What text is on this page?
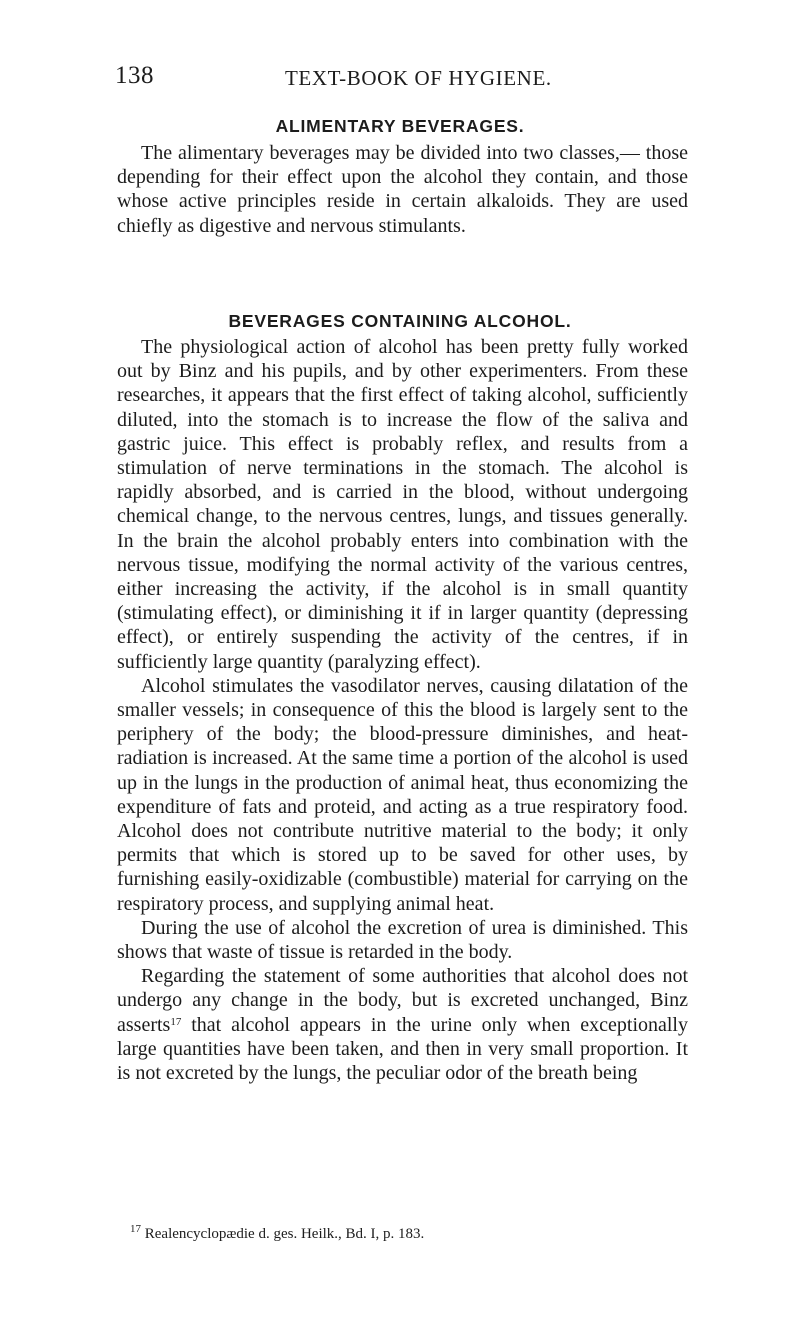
138	TEXT-BOOK OF HYGIENE.
ALIMENTARY BEVERAGES.

The alimentary beverages may be divided into two classes,— those depending for their effect upon the alcohol they contain, and those whose active principles reside in certain alkaloids. They are used chiefly as digestive and nervous stimulants.

BEVERAGES CONTAINING ALCOHOL.

The physiological action of alcohol has been pretty fully worked out by Binz and his pupils, and by other experimenters. From these researches, it appears that the first effect of taking alcohol, sufficiently diluted, into the stomach is to increase the flow of the saliva and gastric juice. This effect is probably reflex, and results from a stimulation of nerve terminations in the stomach. The alcohol is rapidly absorbed, and is carried in the blood, without undergoing chemical change, to the nervous centres, lungs, and tissues generally. In the brain the alcohol probably enters into combination with the nervous tissue, modifying the normal activity of the various centres, either increasing the activity, if the alcohol is in small quantity (stimulating effect), or diminishing it if in larger quantity (depressing effect), or entirely suspending the activity of the centres, if in sufficiently large quantity (paralyzing effect).

Alcohol stimulates the vasodilator nerves, causing dilatation of the smaller vessels; in consequence of this the blood is largely sent to the periphery of the body; the blood-pressure diminishes, and heat-radiation is increased. At the same time a portion of the alcohol is used up in the lungs in the production of animal heat, thus economizing the expenditure of fats and proteid, and acting as a true respiratory food. Alcohol does not contribute nutritive material to the body; it only permits that which is stored up to be saved for other uses, by furnishing easily-oxidizable (combustible) material for carrying on the respiratory process, and supplying animal heat.

During the use of alcohol the excretion of urea is diminished. This shows that waste of tissue is retarded in the body.

Regarding the statement of some authorities that alcohol does not undergo any change in the body, but is excreted unchanged, Binz asserts$^{17}$ that alcohol appears in the urine only when exceptionally large quantities have been taken, and then in very small proportion. It is not excreted by the lungs, the peculiar odor of the breath being

$^{17}$ Realencyclopædie d. ges. Heilk., Bd. I, p. 183.
